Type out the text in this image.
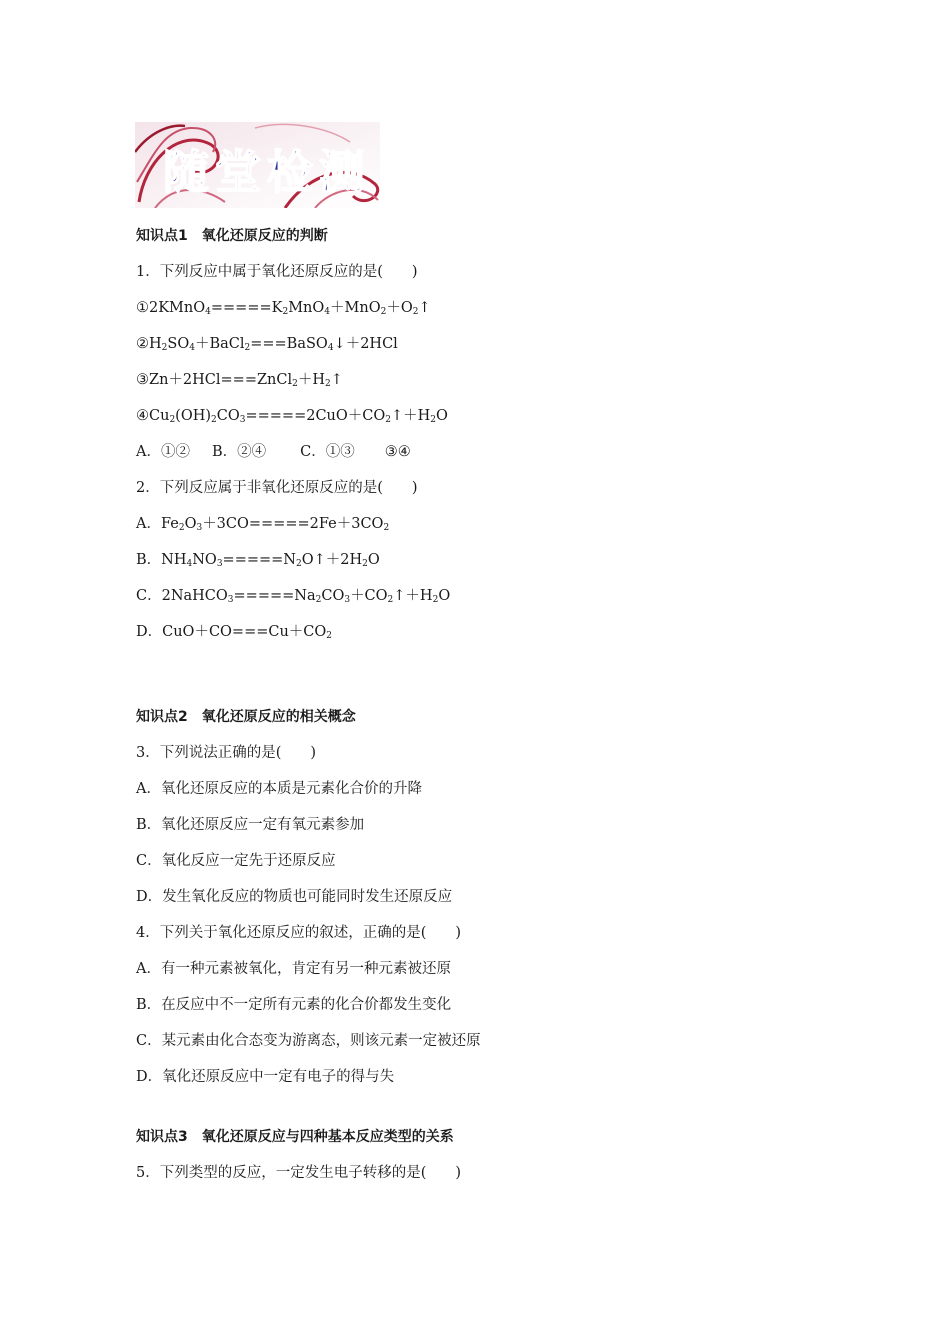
随堂检测
知识点1　氧化还原反应的判断
1．下列反应中属于氧化还原反应的是(　　)
$①2KMnO_4=====K_2MnO_4+MnO_2+O_2↑$
$②H_2SO_4+BaCl_2===BaSO_4↓+2HCl$
$③Zn+2HCl===ZnCl_2+H_2↑$
$④Cu_2(OH)_2CO_3=====2CuO+CO_2↑+H_2O$
A．①② B．②④ C．①③ ③④
2．下列反应属于非氧化还原反应的是(　　)
A．$Fe_2O_3+3CO=====2Fe+3CO_2$
B．$NH_4NO_3=====N_2O↑+2H_2O$
C．$2NaHCO_3=====Na_2CO_3+CO_2↑+H_2O$
D．$CuO+CO===Cu+CO_2$
知识点2　氧化还原反应的相关概念
3．下列说法正确的是(　　)
A．氧化还原反应的本质是元素化合价的升降
B．氧化还原反应一定有氧元素参加
C．氧化反应一定先于还原反应
D．发生氧化反应的物质也可能同时发生还原反应
4．下列关于氧化还原反应的叙述，正确的是(　　)
A．有一种元素被氧化，肯定有另一种元素被还原
B．在反应中不一定所有元素的化合价都发生变化
C．某元素由化合态变为游离态，则该元素一定被还原
D．氧化还原反应中一定有电子的得与失
知识点3　氧化还原反应与四种基本反应类型的关系
5．下列类型的反应，一定发生电子转移的是(　　)
